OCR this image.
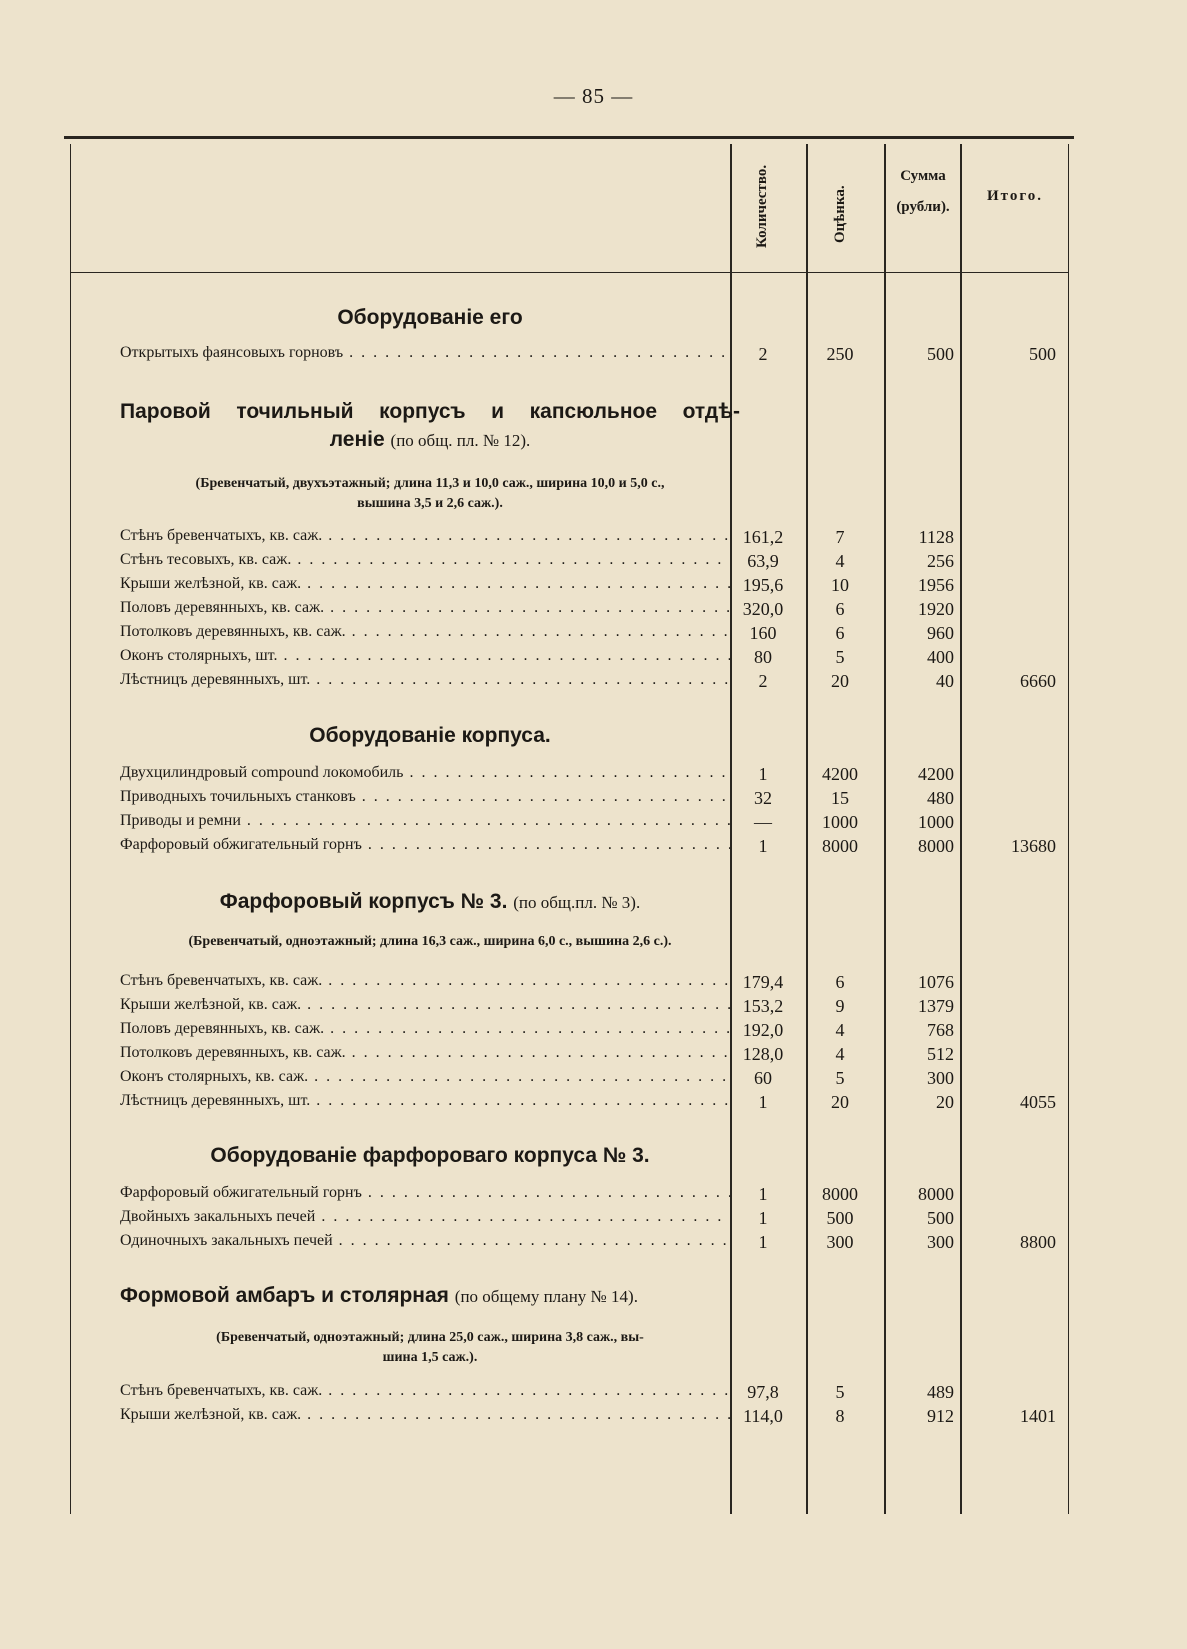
— 85 —
Количество.	Оцѣнка.
Сумма
(рубли).
Итого.
Оборудованіе его
Открытыхъ фаянсовыхъ горновъ . . .	2	250	500	500
Паровой точильный корпусъ и капсюльное отдѣ-
леніе (по общ. пл. № 12).
(Бревенчатый, двухъэтажный; длина 11,3 и 10,0 саж., ширина 10,0 и 5,0 с.,
вышина 3,5 и 2,6 саж.).
Стѣнъ бревенчатыхъ, кв. саж. . . .	161,2	7	1128
Стѣнъ тесовыхъ, кв. саж. . . .	63,9	4	256
Крыши желѣзной, кв. саж. . . .	195,6	10	1956
Половъ деревянныхъ, кв. саж. . . .	320,0	6	1920
Потолковъ деревянныхъ, кв. саж. . . .	160	6	960
Оконъ столярныхъ, шт. . . .	80	5	400
Лѣстницъ деревянныхъ, шт. . . .	2	20	40	6660
Оборудованіе корпуса.
Двухцилиндровый compound локомобиль . . .	1	4200	4200
Приводныхъ точильныхъ станковъ . . .	32	15	480
Приводы и ремни . . .	—	1000	1000
Фарфоровый обжигательный горнъ . . .	1	8000	8000	13680
Фарфоровый корпусъ № 3. (по общ.пл. № 3).
(Бревенчатый, одноэтажный; длина 16,3 саж., ширина 6,0 с., вышина 2,6 с.).
Стѣнъ бревенчатыхъ, кв. саж. . . .	179,4	6	1076
Крыши желѣзной, кв. саж. . . .	153,2	9	1379
Половъ деревянныхъ, кв. саж. . . .	192,0	4	768
Потолковъ деревянныхъ, кв. саж. . . .	128,0	4	512
Оконъ столярныхъ, кв. саж. . . .	60	5	300
Лѣстницъ деревянныхъ, шт. . . .	1	20	20	4055
Оборудованіе фарфороваго корпуса № 3.
Фарфоровый обжигательный горнъ . . .	1	8000	8000
Двойныхъ закальныхъ печей . . .	1	500	500
Одиночныхъ закальныхъ печей . . .	1	300	300	8800
Формовой амбаръ и столярная (по общему плану № 14).
(Бревенчатый, одноэтажный; длина 25,0 саж., ширина 3,8 саж., вы-
шина 1,5 саж.).
Стѣнъ бревенчатыхъ, кв. саж. . . .	97,8	5	489
Крыши желѣзной, кв. саж. . . .	114,0	8	912	1401
